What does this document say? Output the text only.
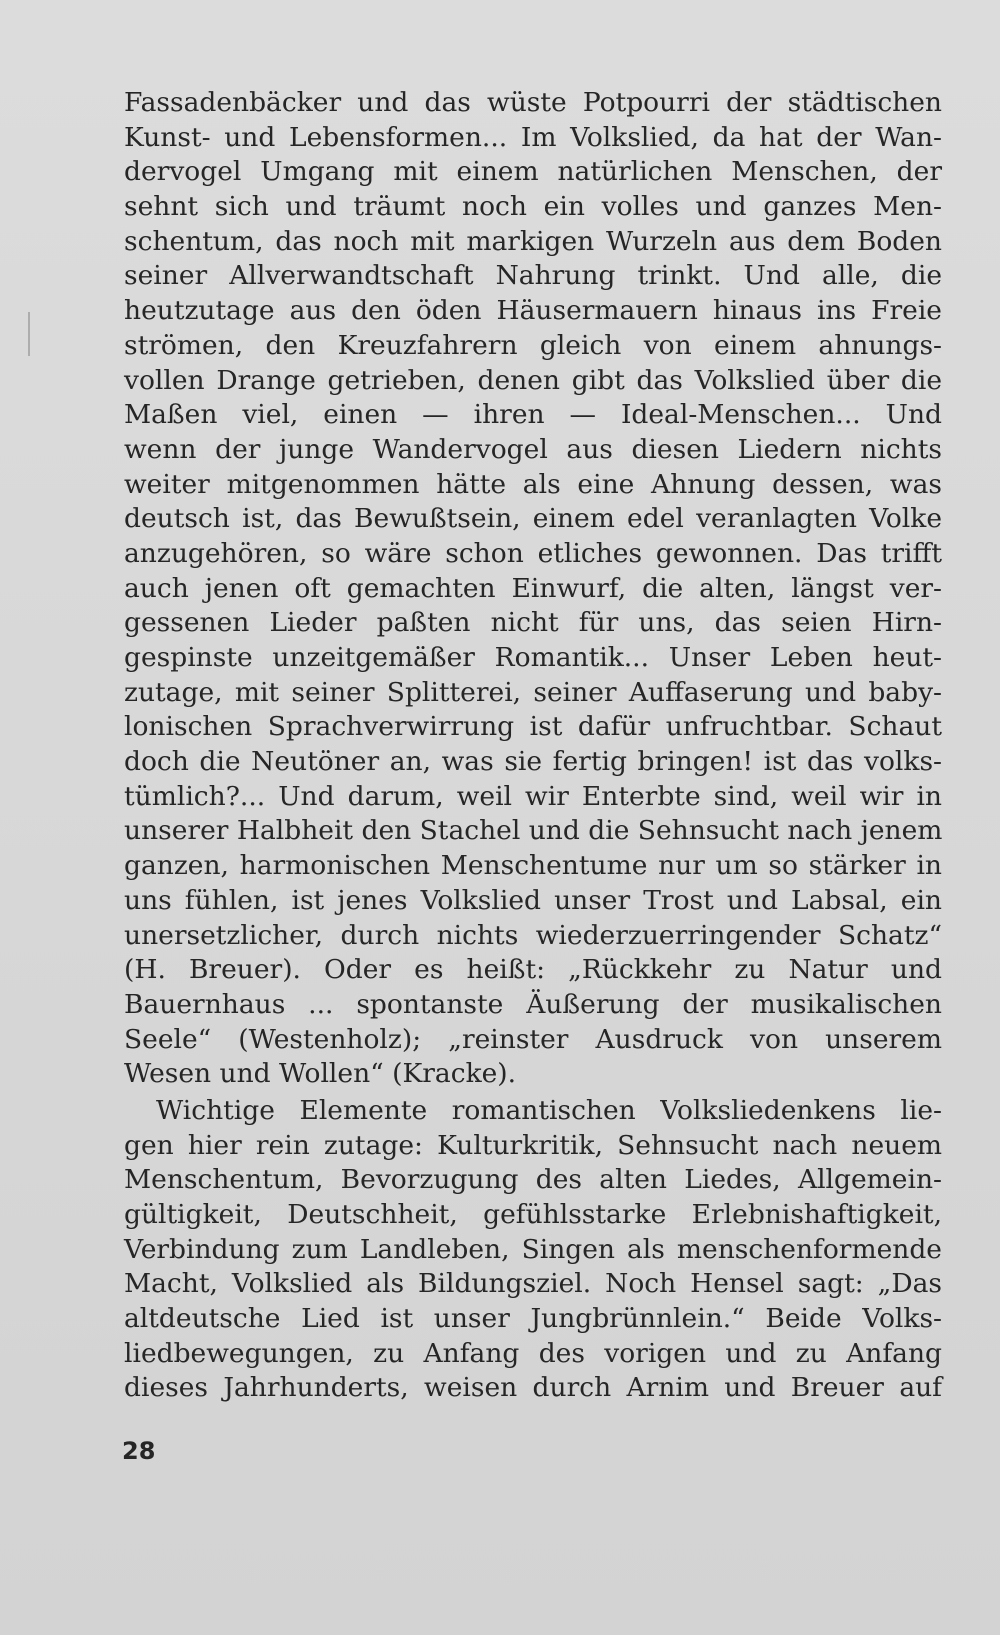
Fassadenbäcker und das wüste Potpourri der städtischen
Kunst- und Lebensformen... Im Volkslied, da hat der Wan-
dervogel Umgang mit einem natürlichen Menschen, der
sehnt sich und träumt noch ein volles und ganzes Men-
schentum, das noch mit markigen Wurzeln aus dem Boden
seiner Allverwandtschaft Nahrung trinkt. Und alle, die
heutzutage aus den öden Häusermauern hinaus ins Freie
strömen, den Kreuzfahrern gleich von einem ahnungs-
vollen Drange getrieben, denen gibt das Volkslied über die
Maßen viel, einen — ihren — Ideal-Menschen... Und
wenn der junge Wandervogel aus diesen Liedern nichts
weiter mitgenommen hätte als eine Ahnung dessen, was
deutsch ist, das Bewußtsein, einem edel veranlagten Volke
anzugehören, so wäre schon etliches gewonnen. Das trifft
auch jenen oft gemachten Einwurf, die alten, längst ver-
gessenen Lieder paßten nicht für uns, das seien Hirn-
gespinste unzeitgemäßer Romantik... Unser Leben heut-
zutage, mit seiner Splitterei, seiner Auffaserung und baby-
lonischen Sprachverwirrung ist dafür unfruchtbar. Schaut
doch die Neutöner an, was sie fertig bringen! ist das volks-
tümlich?... Und darum, weil wir Enterbte sind, weil wir in
unserer Halbheit den Stachel und die Sehnsucht nach jenem
ganzen, harmonischen Menschentume nur um so stärker in
uns fühlen, ist jenes Volkslied unser Trost und Labsal, ein
unersetzlicher, durch nichts wiederzuerringender Schatz“
(H. Breuer). Oder es heißt: „Rückkehr zu Natur und
Bauernhaus ... spontanste Äußerung der musikalischen
Seele“ (Westenholz); „reinster Ausdruck von unserem
Wesen und Wollen“ (Kracke).
Wichtige Elemente romantischen Volksliedenkens lie-
gen hier rein zutage: Kulturkritik, Sehnsucht nach neuem
Menschentum, Bevorzugung des alten Liedes, Allgemein-
gültigkeit, Deutschheit, gefühlsstarke Erlebnishaftigkeit,
Verbindung zum Landleben, Singen als menschenformende
Macht, Volkslied als Bildungsziel. Noch Hensel sagt: „Das
altdeutsche Lied ist unser Jungbrünnlein.“ Beide Volks-
liedbewegungen, zu Anfang des vorigen und zu Anfang
dieses Jahrhunderts, weisen durch Arnim und Breuer auf
28
